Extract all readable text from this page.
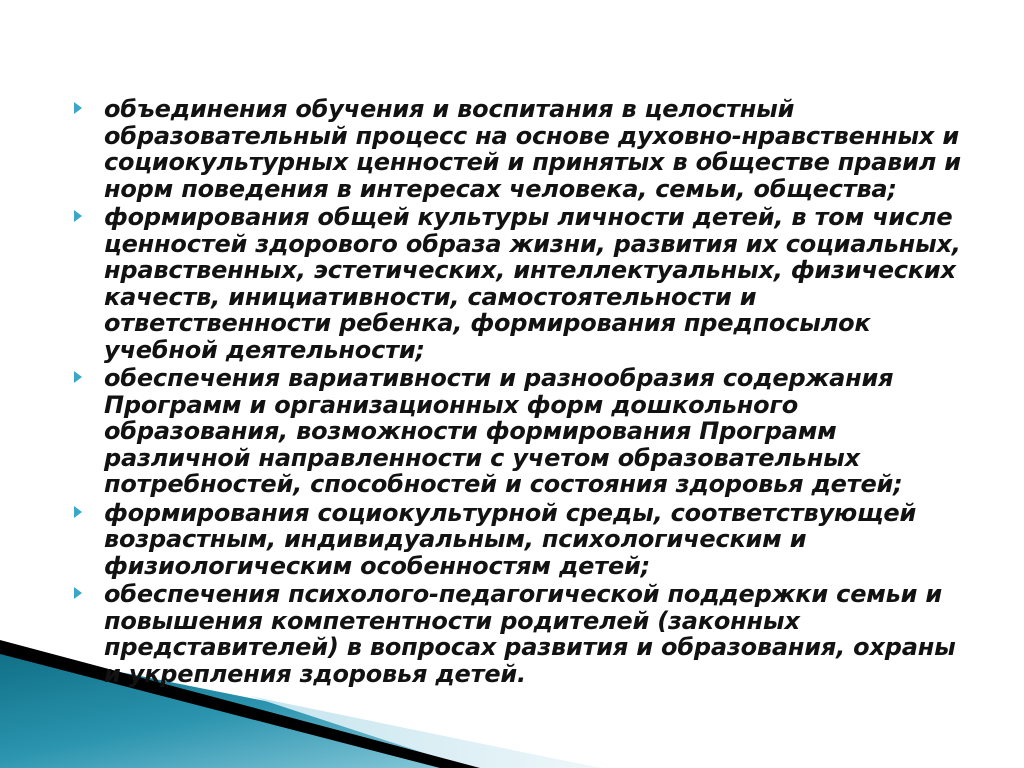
объединения обучения и воспитания в целостный образовательный процесс на основе духовно-нравственных и социокультурных ценностей и принятых в обществе правил и норм поведения в интересах человека, семьи, общества;
формирования общей культуры личности детей, в том числе ценностей здорового образа жизни, развития их социальных, нравственных, эстетических, интеллектуальных, физических качеств, инициативности, самостоятельности и ответственности ребенка, формирования предпосылок учебной деятельности;
обеспечения вариативности и разнообразия содержания Программ и организационных форм дошкольного образования, возможности формирования Программ различной направленности с учетом образовательных потребностей, способностей и состояния здоровья детей;
формирования социокультурной среды, соответствующей возрастным, индивидуальным, психологическим и физиологическим особенностям детей;
обеспечения психолого-педагогической поддержки семьи и повышения компетентности родителей (законных представителей) в вопросах развития и образования, охраны и укрепления здоровья детей.
